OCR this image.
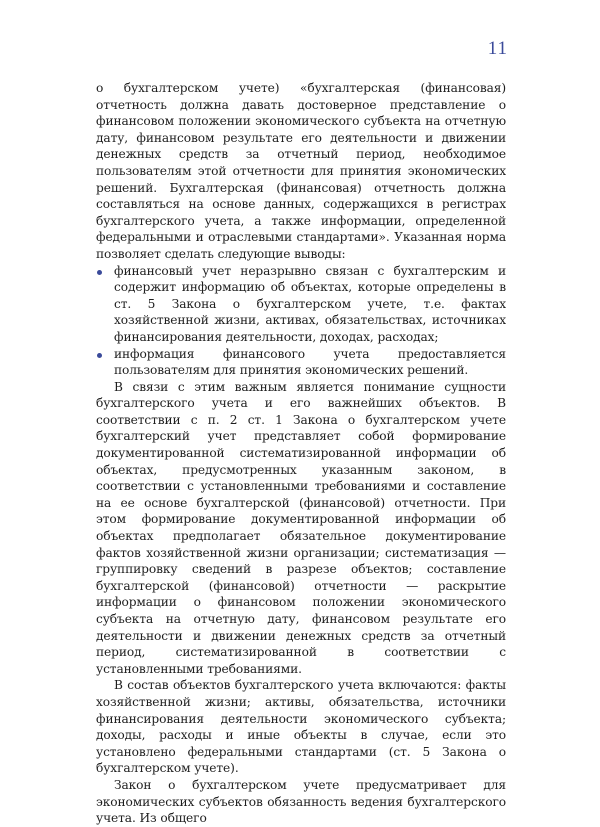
11

о бухгалтерском учете) «бухгалтерская (финансовая) отчетность должна давать достоверное представление о финансовом положении экономического субъекта на отчетную дату, финансовом результате его деятельности и движении денежных средств за отчетный период, необходимое пользователям этой отчетности для принятия экономических решений. Бухгалтерская (финансовая) отчетность должна составляться на основе данных, содержащихся в регистрах бухгалтерского учета, а также информации, определенной федеральными и отраслевыми стандартами». Указанная норма позволяет сделать следующие выводы:

финансовый учет неразрывно связан с бухгалтерским и содержит информацию об объектах, которые определены в ст. 5 Закона о бухгалтерском учете, т.е. фактах хозяйственной жизни, активах, обязательствах, источниках финансирования деятельности, доходах, расходах;
информация финансового учета предоставляется пользователям для принятия экономических решений.

В связи с этим важным является понимание сущности бухгалтерского учета и его важнейших объектов. В соответствии с п. 2 ст. 1 Закона о бухгалтерском учете бухгалтерский учет представляет собой формирование документированной систематизированной информации об объектах, предусмотренных указанным законом, в соответствии с установленными требованиями и составление на ее основе бухгалтерской (финансовой) отчетности. При этом формирование документированной информации об объектах предполагает обязательное документирование фактов хозяйственной жизни организации; систематизация — группировку сведений в разрезе объектов; составление бухгалтерской (финансовой) отчетности — раскрытие информации о финансовом положении экономического субъекта на отчетную дату, финансовом результате его деятельности и движении денежных средств за отчетный период, систематизированной в соответствии с установленными требованиями.

В состав объектов бухгалтерского учета включаются: факты хозяйственной жизни; активы, обязательства, источники финансирования деятельности экономического субъекта; доходы, расходы и иные объекты в случае, если это установлено федеральными стандартами (ст. 5 Закона о бухгалтерском учете).

Закон о бухгалтерском учете предусматривает для экономических субъектов обязанность ведения бухгалтерского учета. Из общего
